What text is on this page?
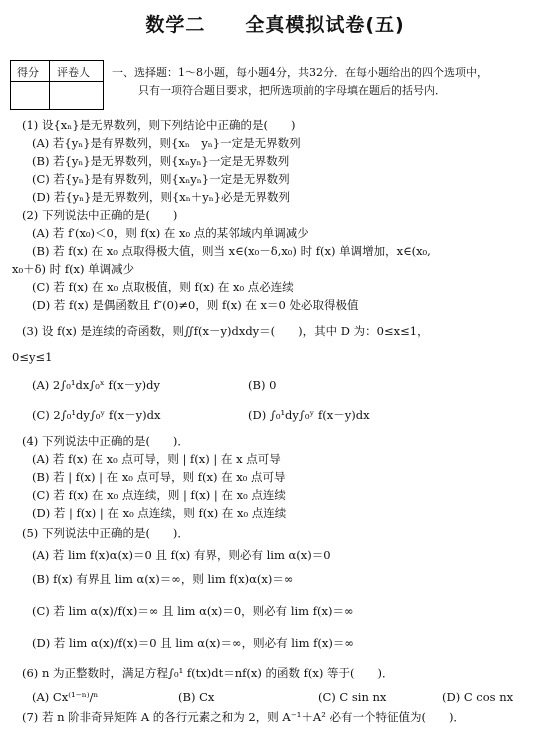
数学二　　全真模拟试卷(五)
得分 评卷人 一、选择题：1～8小题，每小题4分，共32分．在每小题给出的四个选项中，
只有一项符合题目要求，把所选项前的字母填在题后的括号内．
(1) 设{xₙ}是无界数列，则下列结论中正确的是(　　)
(A) 若{yₙ}是有界数列，则{xₙ　yₙ}一定是无界数列
(B) 若{yₙ}是无界数列，则{xₙyₙ}一定是无界数列
(C) 若{yₙ}是有界数列，则{xₙyₙ}一定是无界数列
(D) 若{yₙ}是无界数列，则{xₙ＋yₙ}必是无界数列
(2) 下列说法中正确的是(　　)
(A) 若 f′(x₀)＜0，则 f(x) 在 x₀ 点的某邻域内单调减少
(B) 若 f(x) 在 x₀ 点取得极大值，则当 x∈(x₀－δ,x₀) 时 f(x) 单调增加，x∈(x₀,
x₀＋δ) 时 f(x) 单调减少
(C) 若 f(x) 在 x₀ 点取极值，则 f(x) 在 x₀ 点必连续
(D) 若 f(x) 是偶函数且 f″(0)≠0，则 f(x) 在 x＝0 处必取得极值
(3) 设 f(x) 是连续的奇函数，则∬f(x－y)dxdy＝(　　)，其中 D 为：0≤x≤1，
0≤y≤1
(A) 2∫₀¹dx∫₀ˣ f(x－y)dy	(B) 0
(C) 2∫₀¹dy∫₀ʸ f(x－y)dx	(D) ∫₀¹dy∫₀ʸ f(x－y)dx
(4) 下列说法中正确的是(　　)．
(A) 若 f(x) 在 x₀ 点可导，则 | f(x) | 在 x 点可导
(B) 若 | f(x) | 在 x₀ 点可导，则 f(x) 在 x₀ 点可导
(C) 若 f(x) 在 x₀ 点连续，则 | f(x) | 在 x₀ 点连续
(D) 若 | f(x) | 在 x₀ 点连续，则 f(x) 在 x₀ 点连续
(5) 下列说法中正确的是(　　)．
(A) 若 lim f(x)α(x)＝0 且 f(x) 有界，则必有 lim α(x)＝0
(B) f(x) 有界且 lim α(x)＝∞，则 lim f(x)α(x)＝∞
(C) 若 lim α(x)/f(x)＝∞ 且 lim α(x)＝0，则必有 lim f(x)＝∞
(D) 若 lim α(x)/f(x)＝0 且 lim α(x)＝∞，则必有 lim f(x)＝∞
(6) n 为正整数时，满足方程∫₀¹ f(tx)dt＝nf(x) 的函数 f(x) 等于(　　)．
(A) Cx⁽¹⁻ⁿ⁾/ⁿ	(B) Cx	(C) C sin nx	(D) C cos nx
(7) 若 n 阶非奇异矩阵 A 的各行元素之和为 2，则 A⁻¹＋A² 必有一个特征值为(　　)．
